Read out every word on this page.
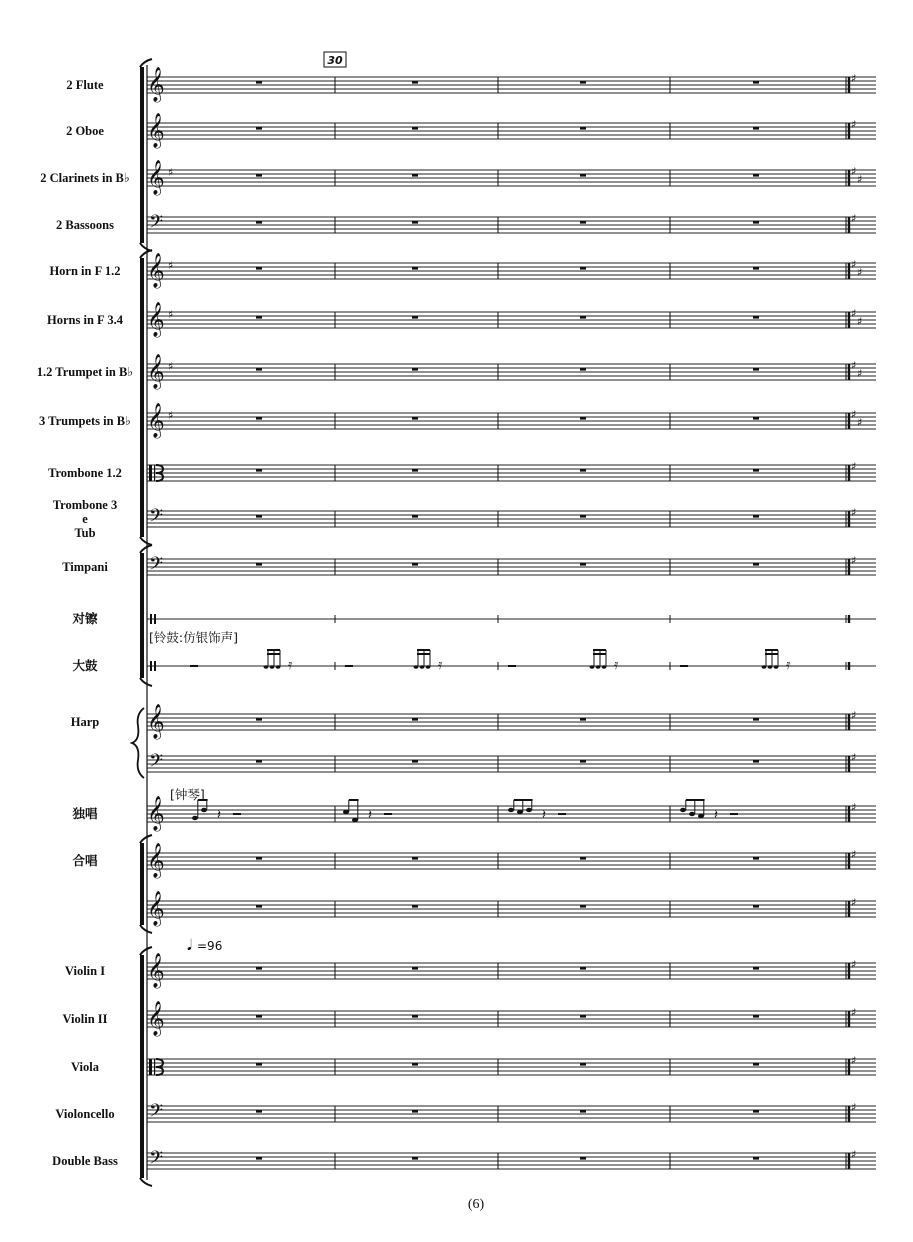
2 Flute
2 Oboe
2 Clarinets in B♭
2 Bassoons
Horn in F 1.2
Horns in F 3.4
1.2 Trumpet in B♭
3 Trumpets in B♭
Trombone 1.2
Trombone 3
e
Tub
Timpani
对镲
大鼓
Harp
独唱
合唱
Violin I
Violin II
Viola
Violoncello
Double Bass
𝄞	♯
𝄞	♯
𝄞 ♯	♯
♯
𝄢	♯
𝄞 ♯	♯
♯
𝄞 ♯	♯
♯
𝄞 ♯	♯
♯
𝄞 ♯	♯
♯
♯
𝄢	♯
𝄢	♯
𝄞	♯
𝄢	♯
𝄞	♯
𝄞	♯
𝄞	♯
𝄞	♯
𝄞	♯
♯
𝄢	♯
𝄢	♯
𝄿	𝄿	𝄿	𝄿
𝄽	𝄽	𝄽	𝄽
30
𝅘𝅥 =96
[铃鼓:仿银饰声]
[钟琴]
(6)
